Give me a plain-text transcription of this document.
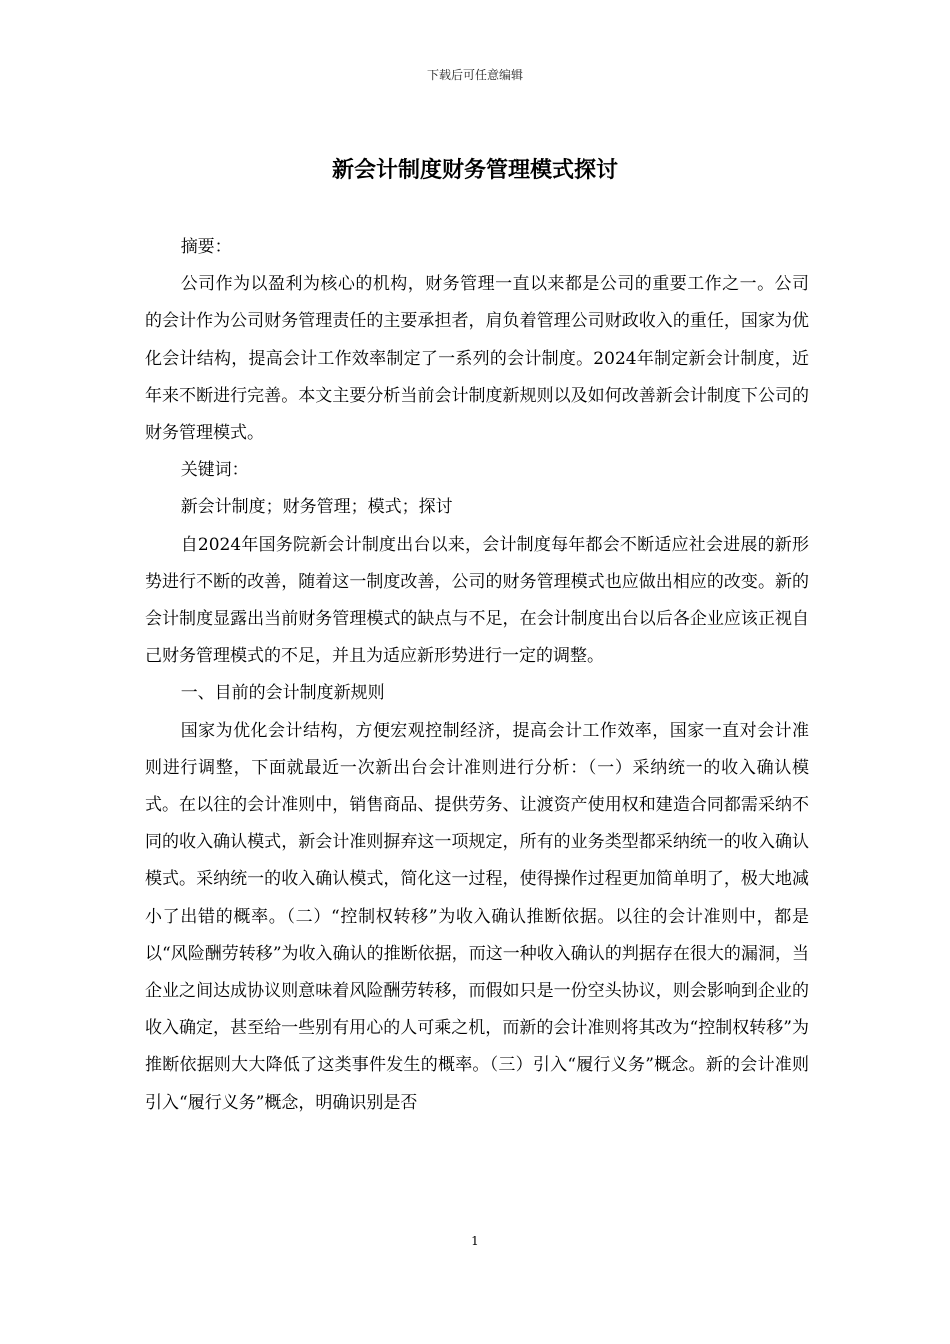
下载后可任意编辑
新会计制度财务管理模式探讨

摘要：

公司作为以盈利为核心的机构，财务管理一直以来都是公司的重要工作之一。公司的会计作为公司财务管理责任的主要承担者，肩负着管理公司财政收入的重任，国家为优化会计结构，提高会计工作效率制定了一系列的会计制度。2024年制定新会计制度，近年来不断进行完善。本文主要分析当前会计制度新规则以及如何改善新会计制度下公司的财务管理模式。

关键词：

新会计制度；财务管理；模式；探讨

自2024年国务院新会计制度出台以来，会计制度每年都会不断适应社会进展的新形势进行不断的改善，随着这一制度改善，公司的财务管理模式也应做出相应的改变。新的会计制度显露出当前财务管理模式的缺点与不足，在会计制度出台以后各企业应该正视自己财务管理模式的不足，并且为适应新形势进行一定的调整。

一、目前的会计制度新规则

国家为优化会计结构，方便宏观控制经济，提高会计工作效率，国家一直对会计准则进行调整，下面就最近一次新出台会计准则进行分析：（一）采纳统一的收入确认模式。在以往的会计准则中，销售商品、提供劳务、让渡资产使用权和建造合同都需采纳不同的收入确认模式，新会计准则摒弃这一项规定，所有的业务类型都采纳统一的收入确认模式。采纳统一的收入确认模式，简化这一过程，使得操作过程更加简单明了，极大地减小了出错的概率。（二）“控制权转移”为收入确认推断依据。以往的会计准则中，都是以“风险酬劳转移”为收入确认的推断依据，而这一种收入确认的判据存在很大的漏洞，当企业之间达成协议则意味着风险酬劳转移，而假如只是一份空头协议，则会影响到企业的收入确定，甚至给一些别有用心的人可乘之机，而新的会计准则将其改为“控制权转移”为推断依据则大大降低了这类事件发生的概率。（三）引入“履行义务”概念。新的会计准则引入“履行义务”概念，明确识别是否

1
